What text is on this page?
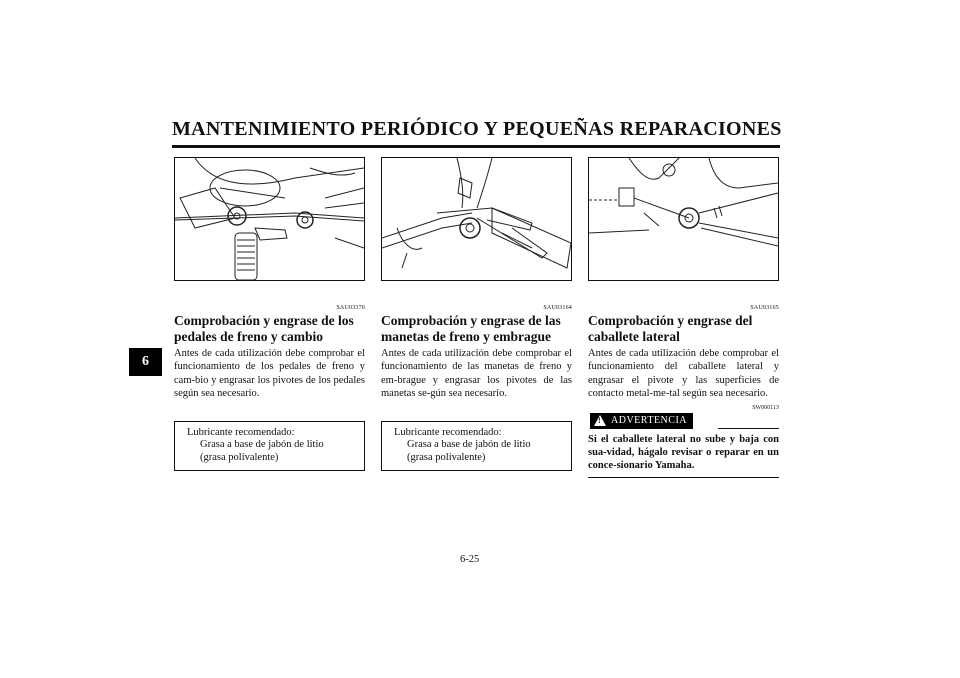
MANTENIMIENTO PERIÓDICO Y PEQUEÑAS REPARACIONES
6
SAU03370
Comprobación y engrase de los
pedales de freno y cambio
Antes de cada utilización debe comprobar el funcionamiento de los pedales de freno y cam-bio y engrasar los pivotes de los pedales según sea necesario.
Lubricante recomendado:
Grasa a base de jabón de litio
(grasa polivalente)
SAU03164
Comprobación y engrase de las
manetas de freno y embrague
Antes de cada utilización debe comprobar el funcionamiento de las manetas de freno y em-brague y engrasar los pivotes de las manetas se-gún sea necesario.
Lubricante recomendado:
Grasa a base de jabón de litio
(grasa polivalente)
SAU03165
Comprobación y engrase del
caballete lateral
Antes de cada utilización debe comprobar el funcionamiento del caballete lateral y engrasar el pivote y las superficies de contacto metal-me-tal según sea necesario.
SW000113
!
ADVERTENCIA
Si el caballete lateral no sube y baja con sua-vidad, hágalo revisar o reparar en un conce-sionario Yamaha.
6-25
